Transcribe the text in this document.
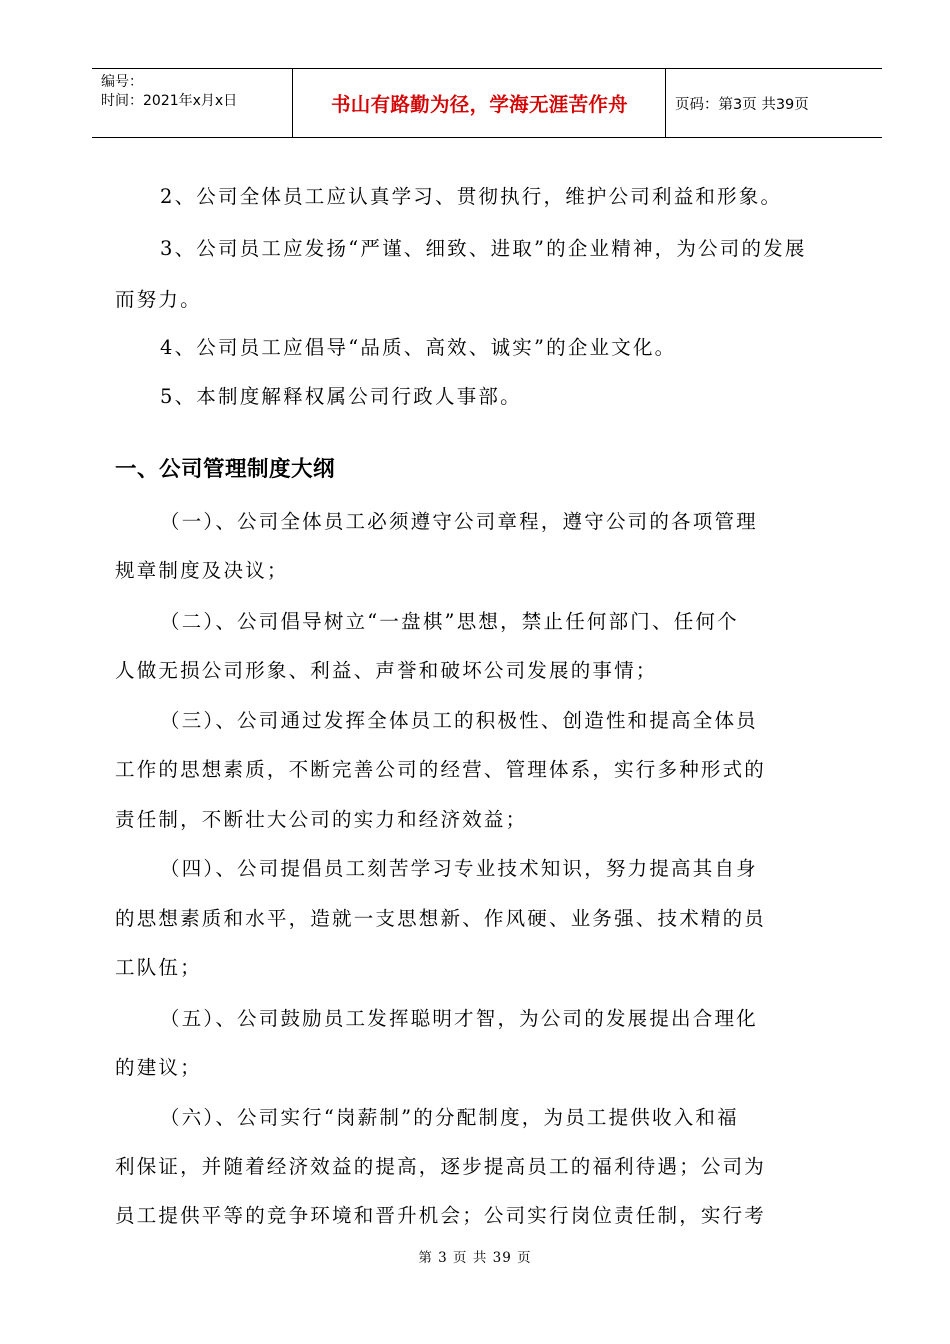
编号：
时间：2021年x月x日	书山有路勤为径，学海无涯苦作舟	页码：第3页 共39页
2、公司全体员工应认真学习、贯彻执行，维护公司利益和形象。
3、公司员工应发扬“严谨、细致、进取”的企业精神，为公司的发展
而努力。
4、公司员工应倡导“品质、高效、诚实”的企业文化。
5、本制度解释权属公司行政人事部。
一、公司管理制度大纲
（一）、公司全体员工必须遵守公司章程，遵守公司的各项管理
规章制度及决议；
（二）、公司倡导树立“一盘棋”思想，禁止任何部门、任何个
人做无损公司形象、利益、声誉和破坏公司发展的事情；
（三）、公司通过发挥全体员工的积极性、创造性和提高全体员
工作的思想素质，不断完善公司的经营、管理体系，实行多种形式的
责任制，不断壮大公司的实力和经济效益；
（四）、公司提倡员工刻苦学习专业技术知识，努力提高其自身
的思想素质和水平，造就一支思想新、作风硬、业务强、技术精的员
工队伍；
（五）、公司鼓励员工发挥聪明才智，为公司的发展提出合理化
的建议；
（六）、公司实行“岗薪制”的分配制度，为员工提供收入和福
利保证，并随着经济效益的提高，逐步提高员工的福利待遇；公司为
员工提供平等的竞争环境和晋升机会；公司实行岗位责任制，实行考
第 3 页 共 39 页
